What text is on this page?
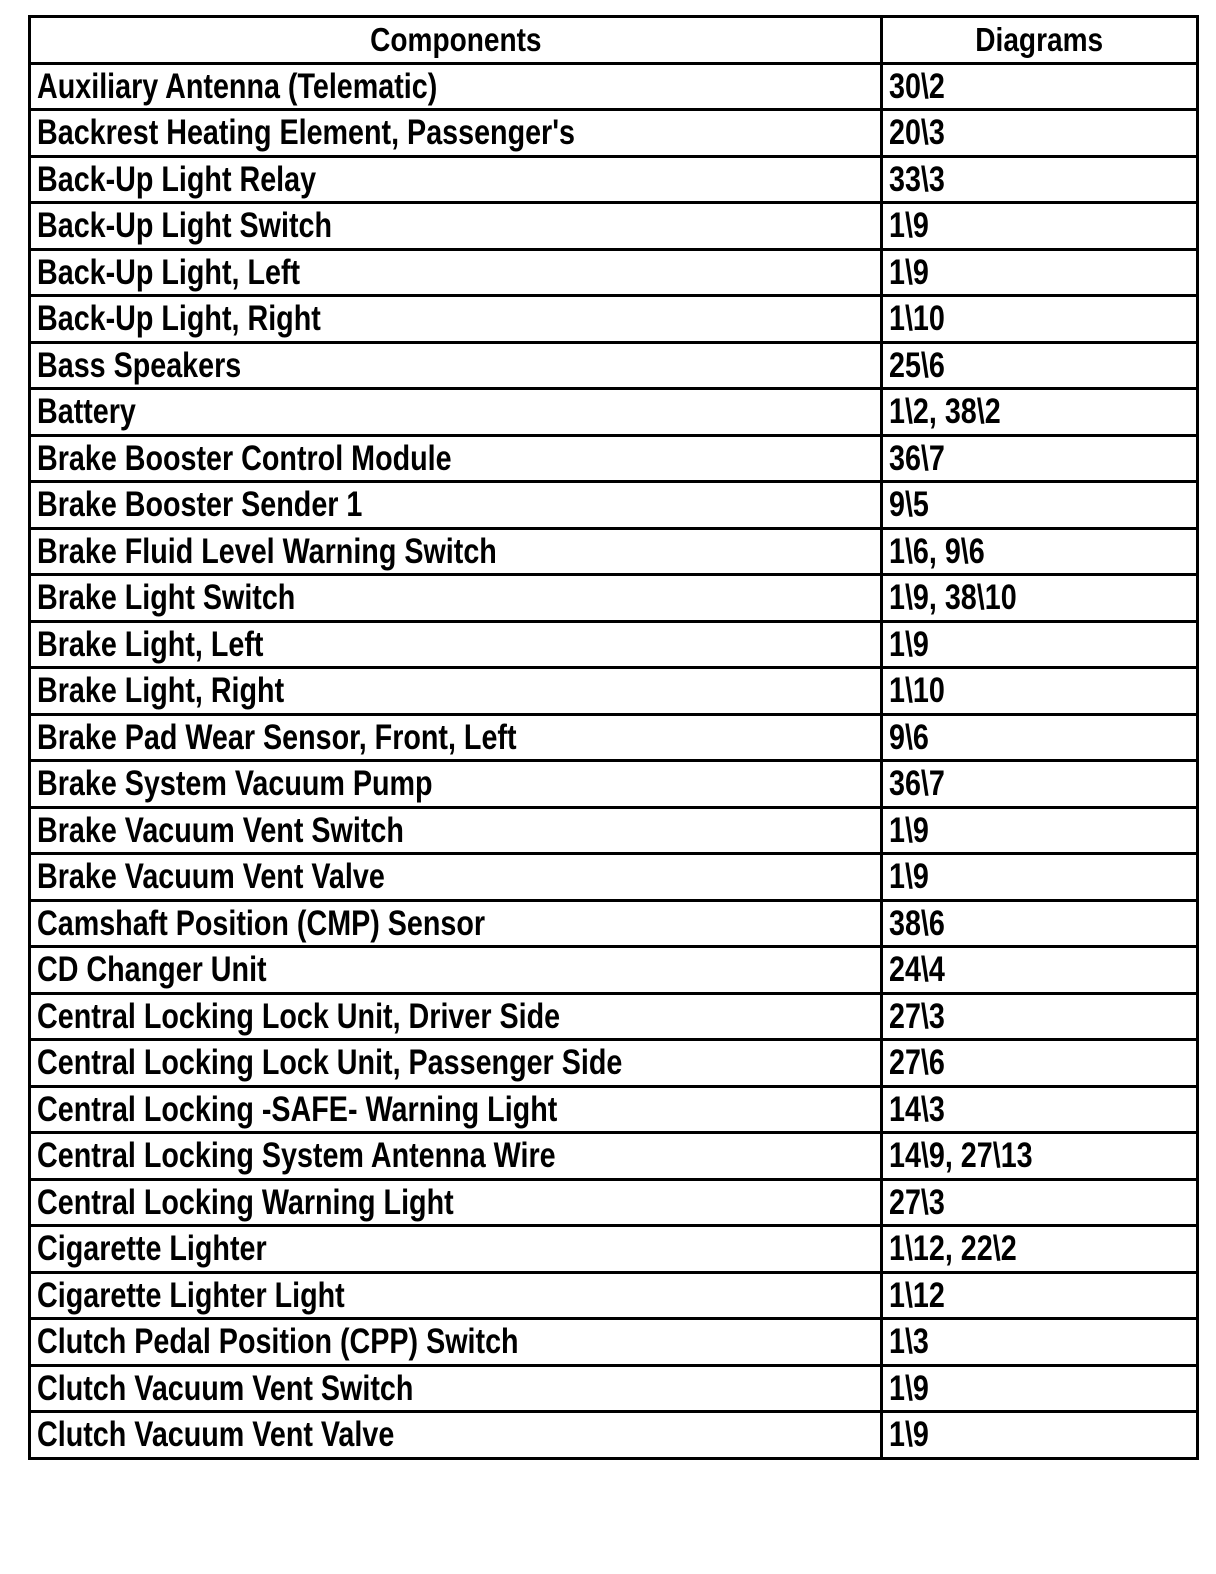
Components	Diagrams
Auxiliary Antenna (Telematic)	30\2
Backrest Heating Element, Passenger's	20\3
Back-Up Light Relay	33\3
Back-Up Light Switch	1\9
Back-Up Light, Left	1\9
Back-Up Light, Right	1\10
Bass Speakers	25\6
Battery	1\2, 38\2
Brake Booster Control Module	36\7
Brake Booster Sender 1	9\5
Brake Fluid Level Warning Switch	1\6, 9\6
Brake Light Switch	1\9, 38\10
Brake Light, Left	1\9
Brake Light, Right	1\10
Brake Pad Wear Sensor, Front, Left	9\6
Brake System Vacuum Pump	36\7
Brake Vacuum Vent Switch	1\9
Brake Vacuum Vent Valve	1\9
Camshaft Position (CMP) Sensor	38\6
CD Changer Unit	24\4
Central Locking Lock Unit, Driver Side	27\3
Central Locking Lock Unit, Passenger Side	27\6
Central Locking -SAFE- Warning Light	14\3
Central Locking System Antenna Wire	14\9, 27\13
Central Locking Warning Light	27\3
Cigarette Lighter	1\12, 22\2
Cigarette Lighter Light	1\12
Clutch Pedal Position (CPP) Switch	1\3
Clutch Vacuum Vent Switch	1\9
Clutch Vacuum Vent Valve	1\9
